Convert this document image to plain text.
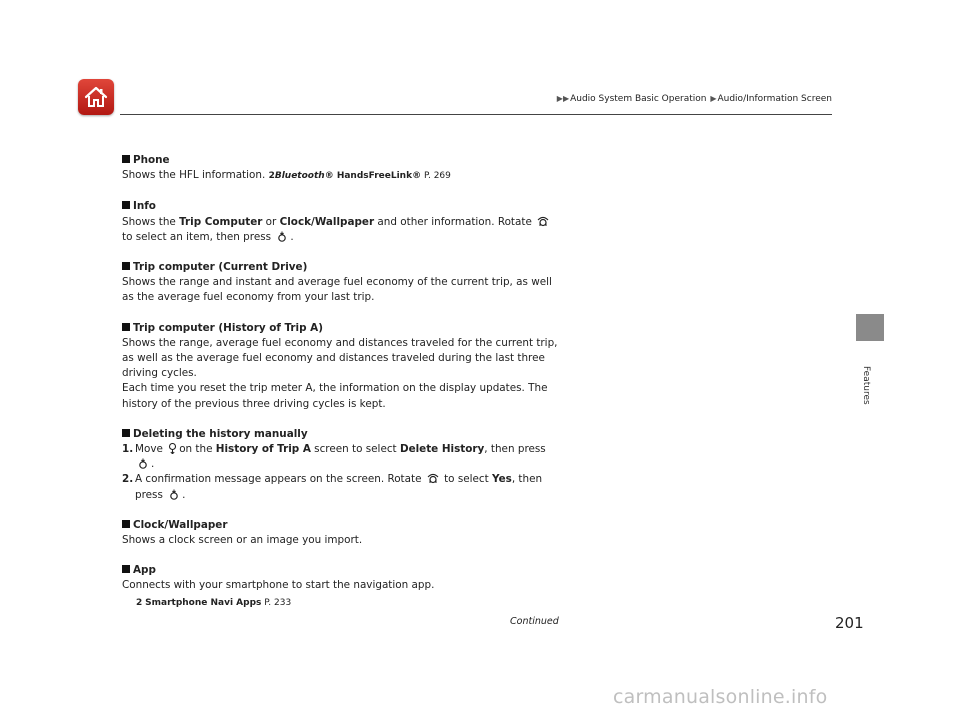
▶▶Audio System Basic Operation ▶Audio/Information Screen
Features
Phone
Shows the HFL information. 2Bluetooth® HandsFreeLink® P. 269
Info
Shows the Trip Computer or Clock/Wallpaper and other information. Rotate
to select an item, then press .
Trip computer (Current Drive)
Shows the range and instant and average fuel economy of the current trip, as well as the average fuel economy from your last trip.
Trip computer (History of Trip A)
Shows the range, average fuel economy and distances traveled for the current trip, as well as the average fuel economy and distances traveled during the last three driving cycles.
Each time you reset the trip meter A, the information on the display updates. The history of the previous three driving cycles is kept.
Deleting the history manually
1. Move on the History of Trip A screen to select Delete History, then press .
2. A confirmation message appears on the screen. Rotate to select Yes, then press .
Clock/Wallpaper
Shows a clock screen or an image you import.
App
Connects with your smartphone to start the navigation app.
2 Smartphone Navi Apps P. 233
Continued	201
carmanualsonline.info
